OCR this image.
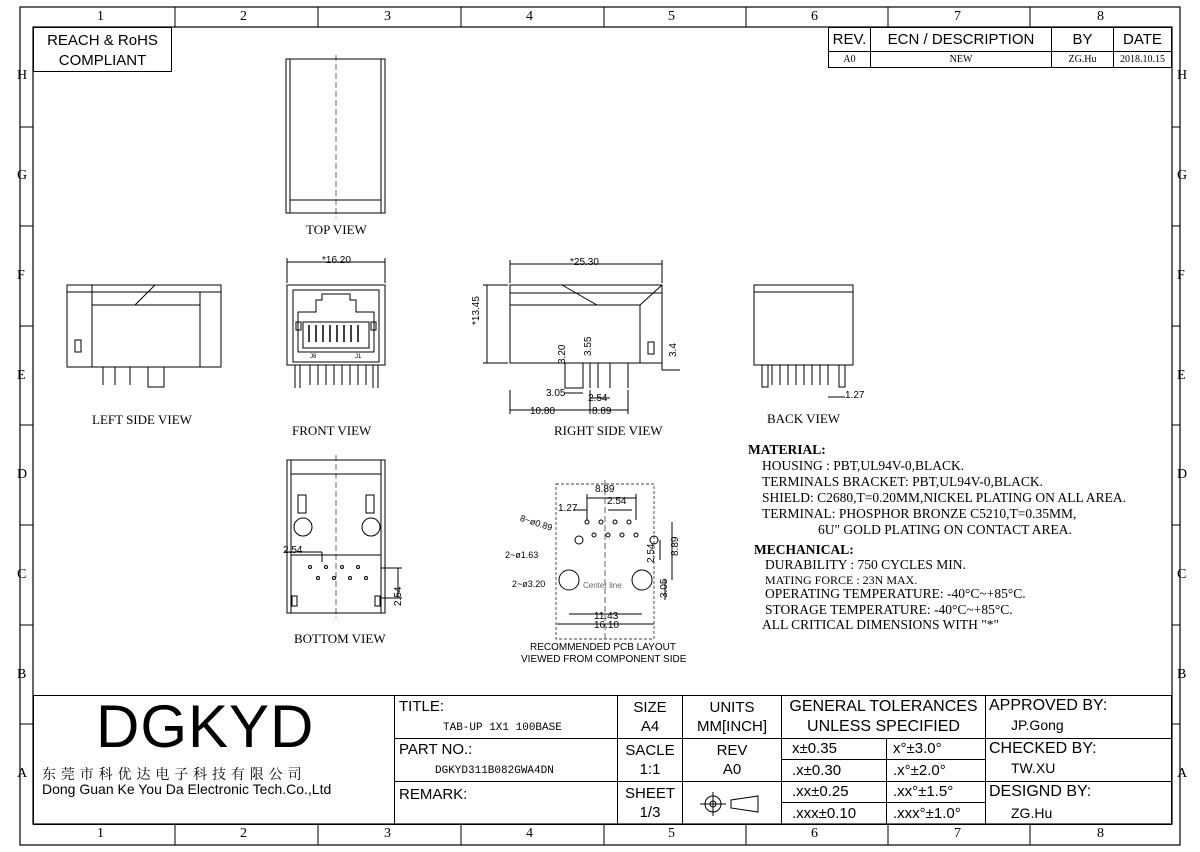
1	2	3	4	5	6	7	8
1	2	3	4	5	6	7	8
H
G
F
E
D
C
B
A
H
G
F
E
D
C
B
A
REACH & RoHS
COMPLIANT
REV.	ECN / DESCRIPTION	BY	DATE
A0	NEW	ZG.Hu	2018.10.15
TOP VIEW
LEFT SIDE VIEW
FRONT VIEW	RIGHT SIDE VIEW
BACK VIEW
BOTTOM VIEW
RECOMMENDED PCB LAYOUT
VIEWED FROM COMPONENT SIDE
Center line
*16.20
J8	J1
*25.30
*13.45
3.20 3.55	3.4
3.05 2.54
10.80	8.89
1.27
2.54
2.54
8.89
2.54
1.27
8~ø0.89
2~ø1.63
2~ø3.20
11.43
16.10
2.54 8.89
3.05
MATERIAL:
HOUSING : PBT,UL94V-0,BLACK.
TERMINALS BRACKET: PBT,UL94V-0,BLACK.
SHIELD: C2680,T=0.20MM,NICKEL PLATING ON ALL AREA.
TERMINAL: PHOSPHOR BRONZE C5210,T=0.35MM,
6U" GOLD PLATING ON CONTACT AREA.
MECHANICAL:
DURABILITY : 750 CYCLES MIN.
MATING FORCE : 23N MAX.
OPERATING TEMPERATURE: -40°C~+85°C.
STORAGE TEMPERATURE: -40°C~+85°C.
ALL CRITICAL DIMENSIONS WITH "*"
DGKYD
东 莞 市 科 优 达 电 子 科 技 有 限 公 司
Dong Guan Ke You Da Electronic Tech.Co.,Ltd
TITLE:
TAB-UP 1X1 100BASE
PART NO.:
DGKYD311B082GWA4DN
REMARK:
SIZE
A4
SACLE
1:1
SHEET
1/3
UNITS
MM[INCH]
REV
A0
GENERAL TOLERANCES
UNLESS SPECIFIED
x±0.35	x°±3.0°
.x±0.30	.x°±2.0°
.xx±0.25	.xx°±1.5°
.xxx±0.10	.xxx°±1.0°
APPROVED BY:
JP.Gong
CHECKED BY:
TW.XU
DESIGND BY:
ZG.Hu
